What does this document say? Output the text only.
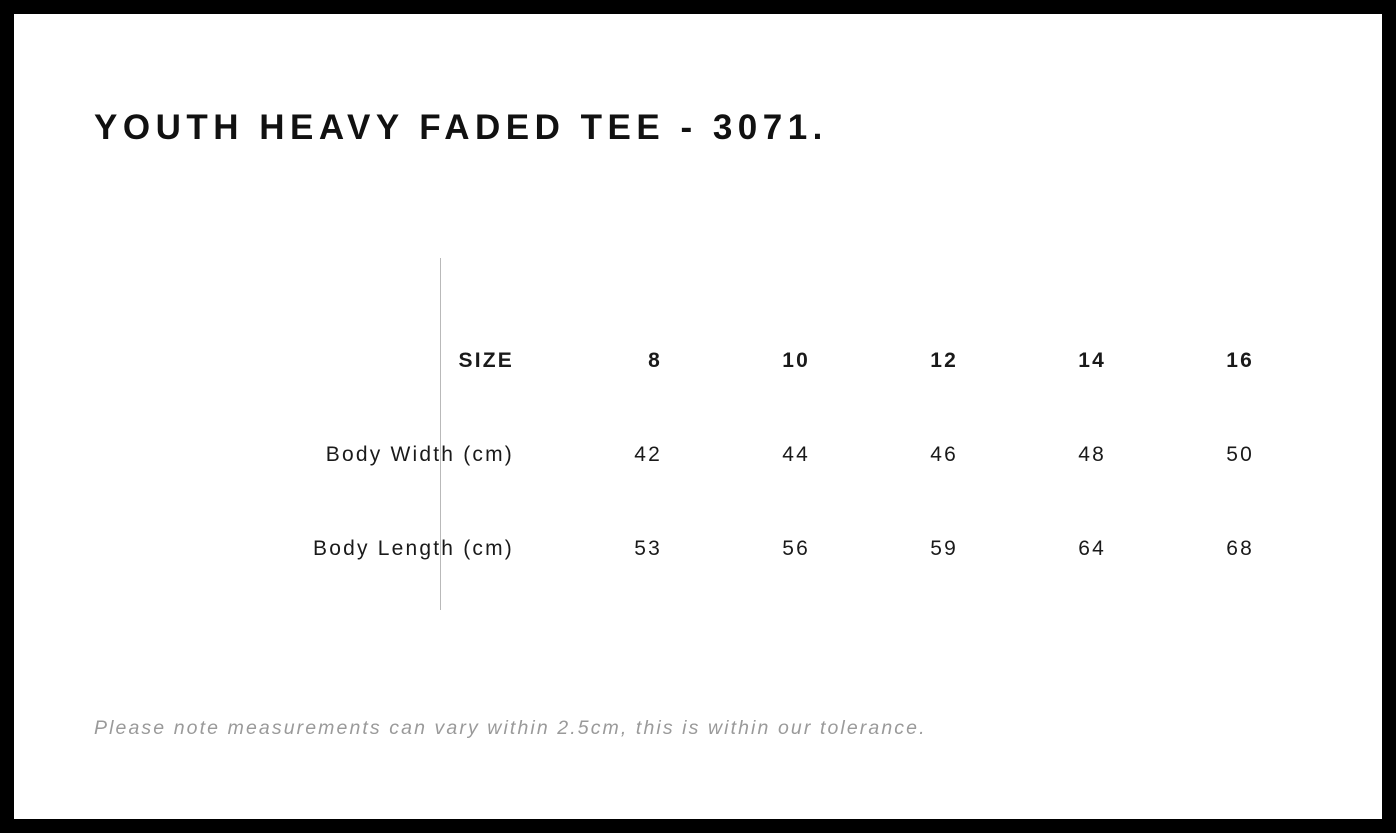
YOUTH HEAVY FADED TEE - 3071.
SIZE	8	10	12	14	16
Body Width (cm)	42	44	46	48	50
Body Length (cm)	53	56	59	64	68
Please note measurements can vary within 2.5cm, this is within our tolerance.
